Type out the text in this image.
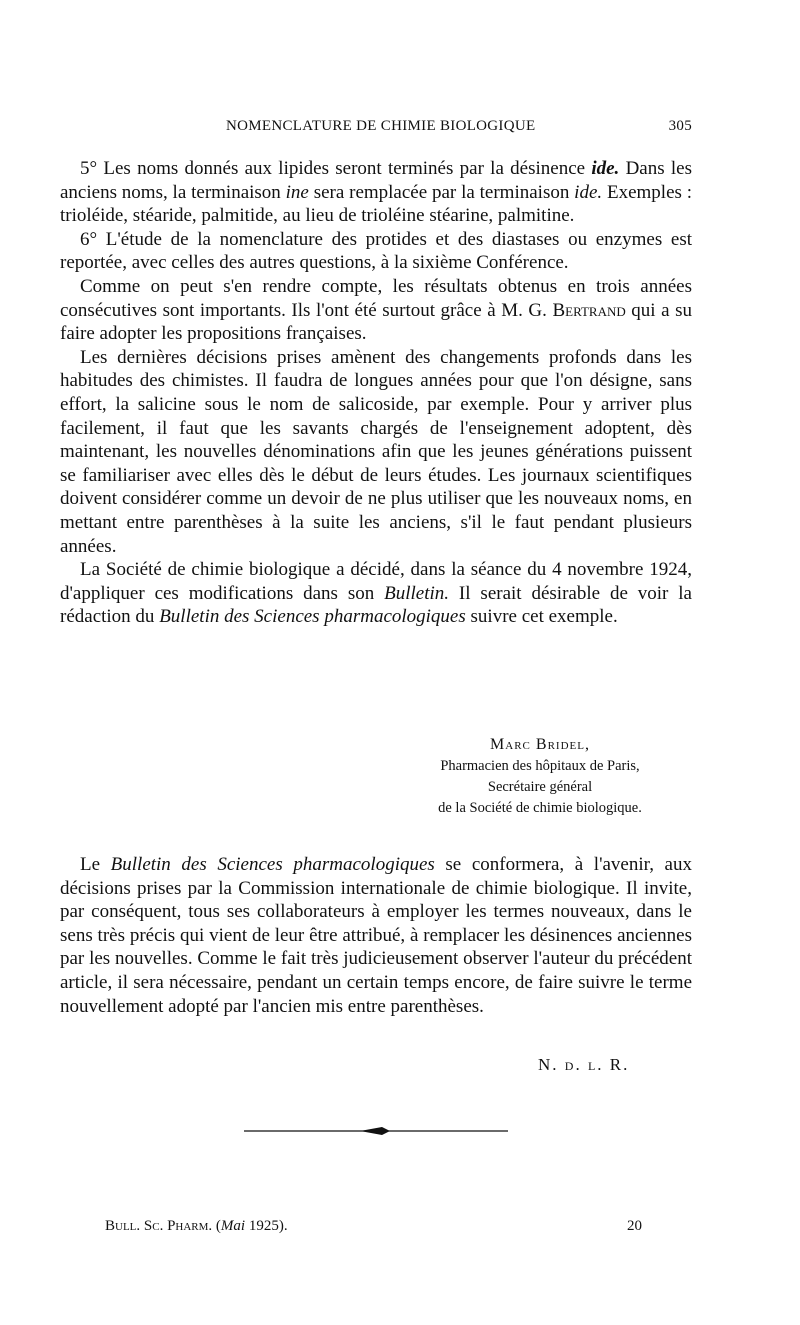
NOMENCLATURE DE CHIMIE BIOLOGIQUE	305

5° Les noms donnés aux lipides seront terminés par la désinence ide. Dans les anciens noms, la terminaison ine sera remplacée par la terminaison ide. Exemples : trioléide, stéaride, palmitide, au lieu de trioléine stéarine, palmitine.

6° L'étude de la nomenclature des protides et des diastases ou enzymes est reportée, avec celles des autres questions, à la sixième Conférence.

Comme on peut s'en rendre compte, les résultats obtenus en trois années consécutives sont importants. Ils l'ont été surtout grâce à M. G. Bertrand qui a su faire adopter les propositions françaises.

Les dernières décisions prises amènent des changements profonds dans les habitudes des chimistes. Il faudra de longues années pour que l'on désigne, sans effort, la salicine sous le nom de salicoside, par exemple. Pour y arriver plus facilement, il faut que les savants chargés de l'enseignement adoptent, dès maintenant, les nouvelles dénominations afin que les jeunes générations puissent se familiariser avec elles dès le début de leurs études. Les journaux scientifiques doivent considérer comme un devoir de ne plus utiliser que les nouveaux noms, en mettant entre parenthèses à la suite les anciens, s'il le faut pendant plusieurs années.

La Société de chimie biologique a décidé, dans la séance du 4 novembre 1924, d'appliquer ces modifications dans son Bulletin. Il serait désirable de voir la rédaction du Bulletin des Sciences pharmacologiques suivre cet exemple.

Marc Bridel,
Pharmacien des hôpitaux de Paris,
Secrétaire général
de la Société de chimie biologique.

Le Bulletin des Sciences pharmacologiques se conformera, à l'avenir, aux décisions prises par la Commission internationale de chimie biologique. Il invite, par conséquent, tous ses collaborateurs à employer les termes nouveaux, dans le sens très précis qui vient de leur être attribué, à remplacer les désinences anciennes par les nouvelles. Comme le fait très judicieusement observer l'auteur du précédent article, il sera nécessaire, pendant un certain temps encore, de faire suivre le terme nouvellement adopté par l'ancien mis entre parenthèses.

N. d. l. R.
Bull. Sc. Pharm. (Mai 1925).	20
